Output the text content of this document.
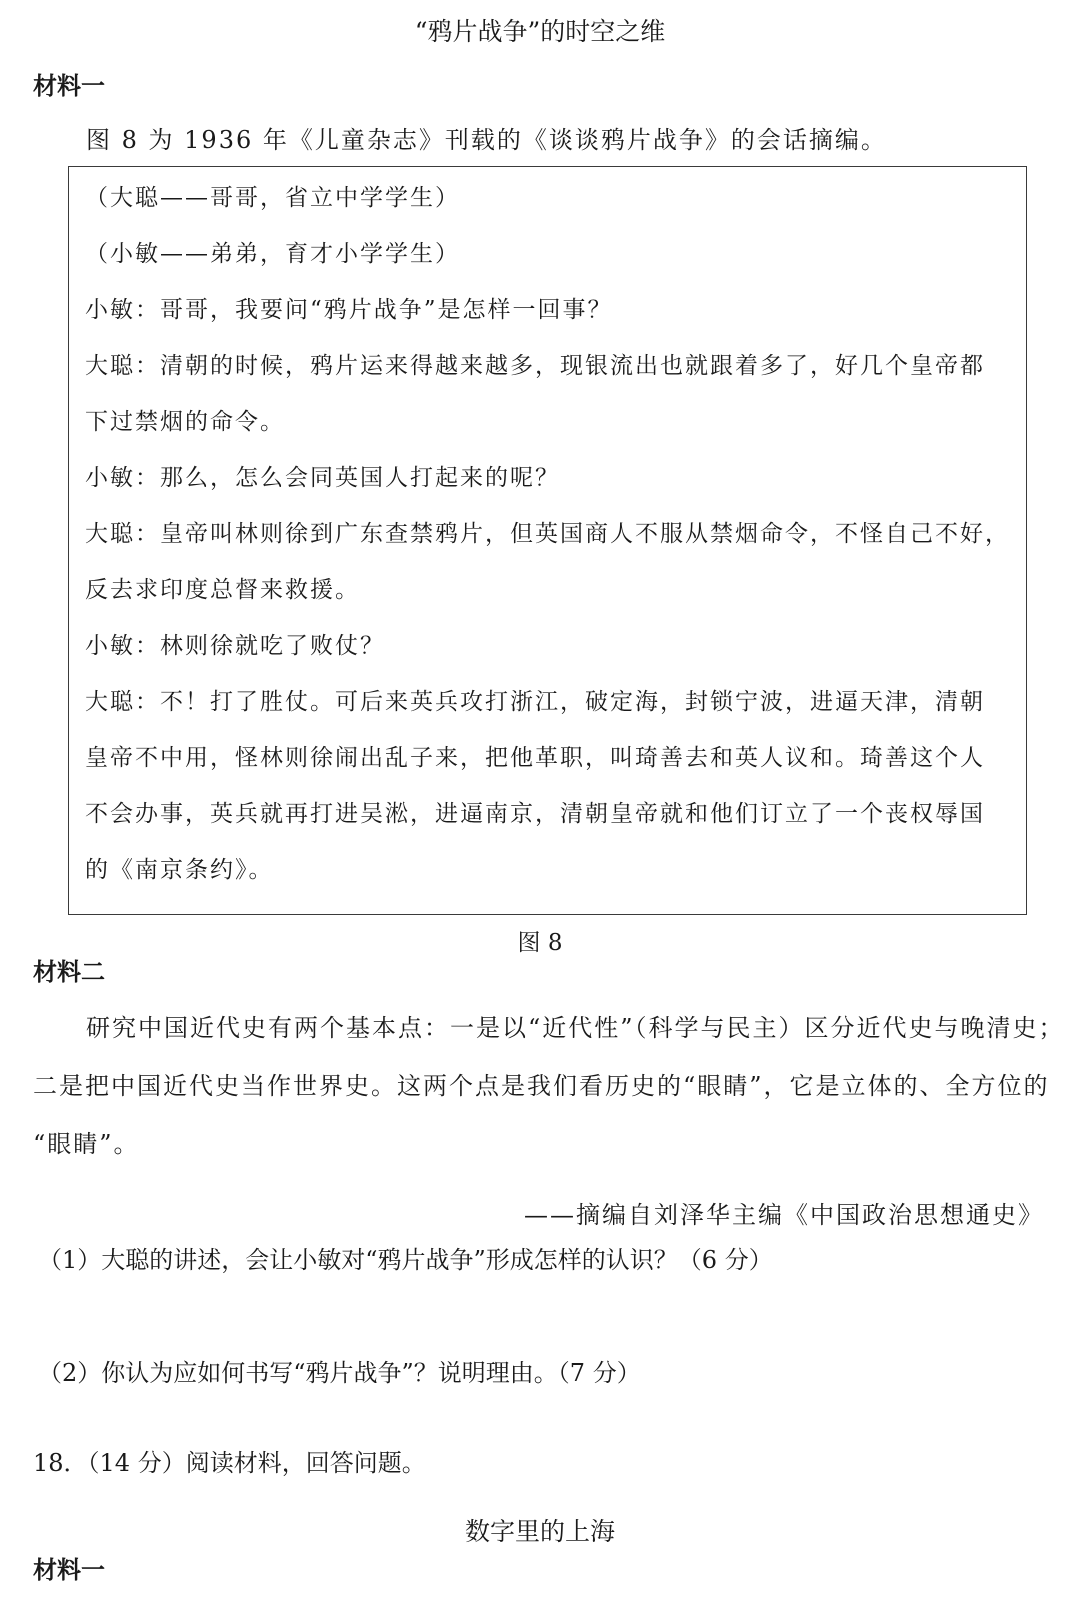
“鸦片战争”的时空之维
材料一
图 8 为 1936 年《儿童杂志》刊载的《谈谈鸦片战争》的会话摘编。
（大聪——哥哥，省立中学学生）
（小敏——弟弟，育才小学学生）
小敏：哥哥，我要问“鸦片战争”是怎样一回事？
大聪：清朝的时候，鸦片运来得越来越多，现银流出也就跟着多了，好几个皇帝都
下过禁烟的命令。
小敏：那么，怎么会同英国人打起来的呢？
大聪：皇帝叫林则徐到广东查禁鸦片，但英国商人不服从禁烟命令，不怪自己不好，
反去求印度总督来救援。
小敏：林则徐就吃了败仗？
大聪：不！打了胜仗。可后来英兵攻打浙江，破定海，封锁宁波，进逼天津，清朝
皇帝不中用，怪林则徐闹出乱子来，把他革职，叫琦善去和英人议和。琦善这个人
不会办事，英兵就再打进吴淞，进逼南京，清朝皇帝就和他们订立了一个丧权辱国
的《南京条约》。
图 8
材料二
研究中国近代史有两个基本点：一是以“近代性”（科学与民主）区分近代史与晚清史；
二是把中国近代史当作世界史。这两个点是我们看历史的“眼睛”，它是立体的、全方位的
“眼睛”。
——摘编自刘泽华主编《中国政治思想通史》
（1）大聪的讲述，会让小敏对“鸦片战争”形成怎样的认识？（6 分）
（2）你认为应如何书写“鸦片战争”？说明理由。（7 分）
18．（14 分）阅读材料，回答问题。
数字里的上海
材料一
